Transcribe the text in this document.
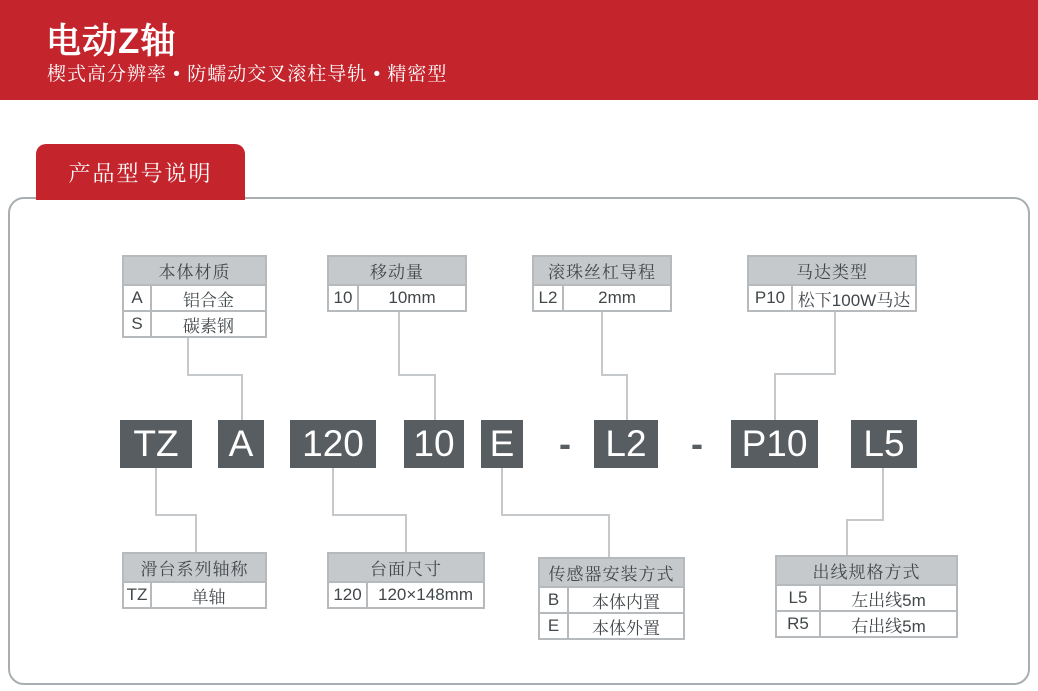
电动Z轴
楔式高分辨率 • 防蠕动交叉滚柱导轨 • 精密型
产品型号说明
本体材质
A	铝合金
S	碳素钢
移动量
10	10mm
滚珠丝杠导程
L2	2mm
马达类型
P10 松下100W马达
滑台系列轴称
TZ	单轴
台面尺寸
120 120×148mm
传感器安装方式
B	本体内置
E	本体外置
出线规格方式
L5	左出线5m
R5	右出线5m
TZ	A	120	10 E - L2	- P10	L5
